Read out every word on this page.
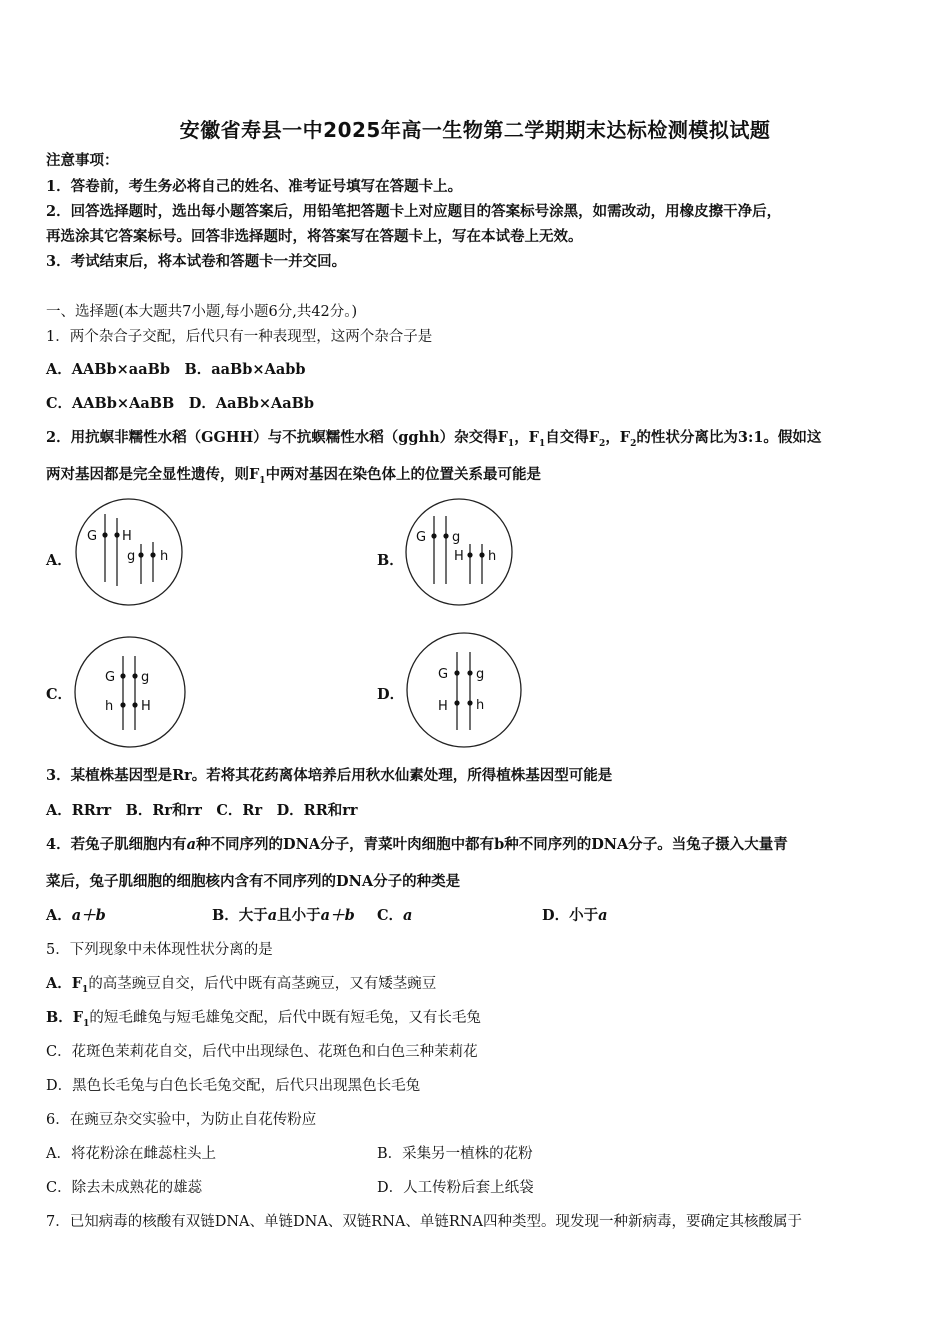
安徽省寿县一中2025年高一生物第二学期期末达标检测模拟试题
注意事项：
1．答卷前，考生务必将自己的姓名、准考证号填写在答题卡上。
2．回答选择题时，选出每小题答案后，用铅笔把答题卡上对应题目的答案标号涂黑，如需改动，用橡皮擦干净后，
再选涂其它答案标号。回答非选择题时，将答案写在答题卡上，写在本试卷上无效。
3．考试结束后，将本试卷和答题卡一并交回。
一、选择题(本大题共7小题,每小题6分,共42分。)
1．两个杂合子交配，后代只有一种表现型，这两个杂合子是
A．AABb×aaBb　B．aaBb×Aabb
C．AABb×AaBB　D．AaBb×AaBb
2．用抗螟非糯性水稻（GGHH）与不抗螟糯性水稻（gghh）杂交得$F_1$，$F_1$自交得$F_2$，$F_2$的性状分离比为3:1。假如这
两对基因都是完全显性遗传，则$F_1$中两对基因在染色体上的位置关系最可能是
A．
G H
g h	B．
G g
H h
C．
G g
h H
D．
G g
H h
3．某植株基因型是Rr。若将其花药离体培养后用秋水仙素处理，所得植株基因型可能是
A．RRrr　B．Rr和rr　C．Rr　D．RR和rr
4．若兔子肌细胞内有a种不同序列的DNA分子，青菜叶肉细胞中都有b种不同序列的DNA分子。当兔子摄入大量青
菜后，兔子肌细胞的细胞核内含有不同序列的DNA分子的种类是
A．a＋b	B．大于a且小于a＋b C．a	D．小于a
5．下列现象中未体现性状分离的是
A．$F_1$的高茎豌豆自交，后代中既有高茎豌豆，又有矮茎豌豆
B．$F_1$的短毛雌兔与短毛雄兔交配，后代中既有短毛兔，又有长毛兔
C．花斑色茉莉花自交，后代中出现绿色、花斑色和白色三种茉莉花
D．黑色长毛兔与白色长毛兔交配，后代只出现黑色长毛兔
6．在豌豆杂交实验中，为防止自花传粉应
A．将花粉涂在雌蕊柱头上	B．采集另一植株的花粉
C．除去未成熟花的雄蕊	D．人工传粉后套上纸袋
7．已知病毒的核酸有双链DNA、单链DNA、双链RNA、单链RNA四种类型。现发现一种新病毒，要确定其核酸属于
